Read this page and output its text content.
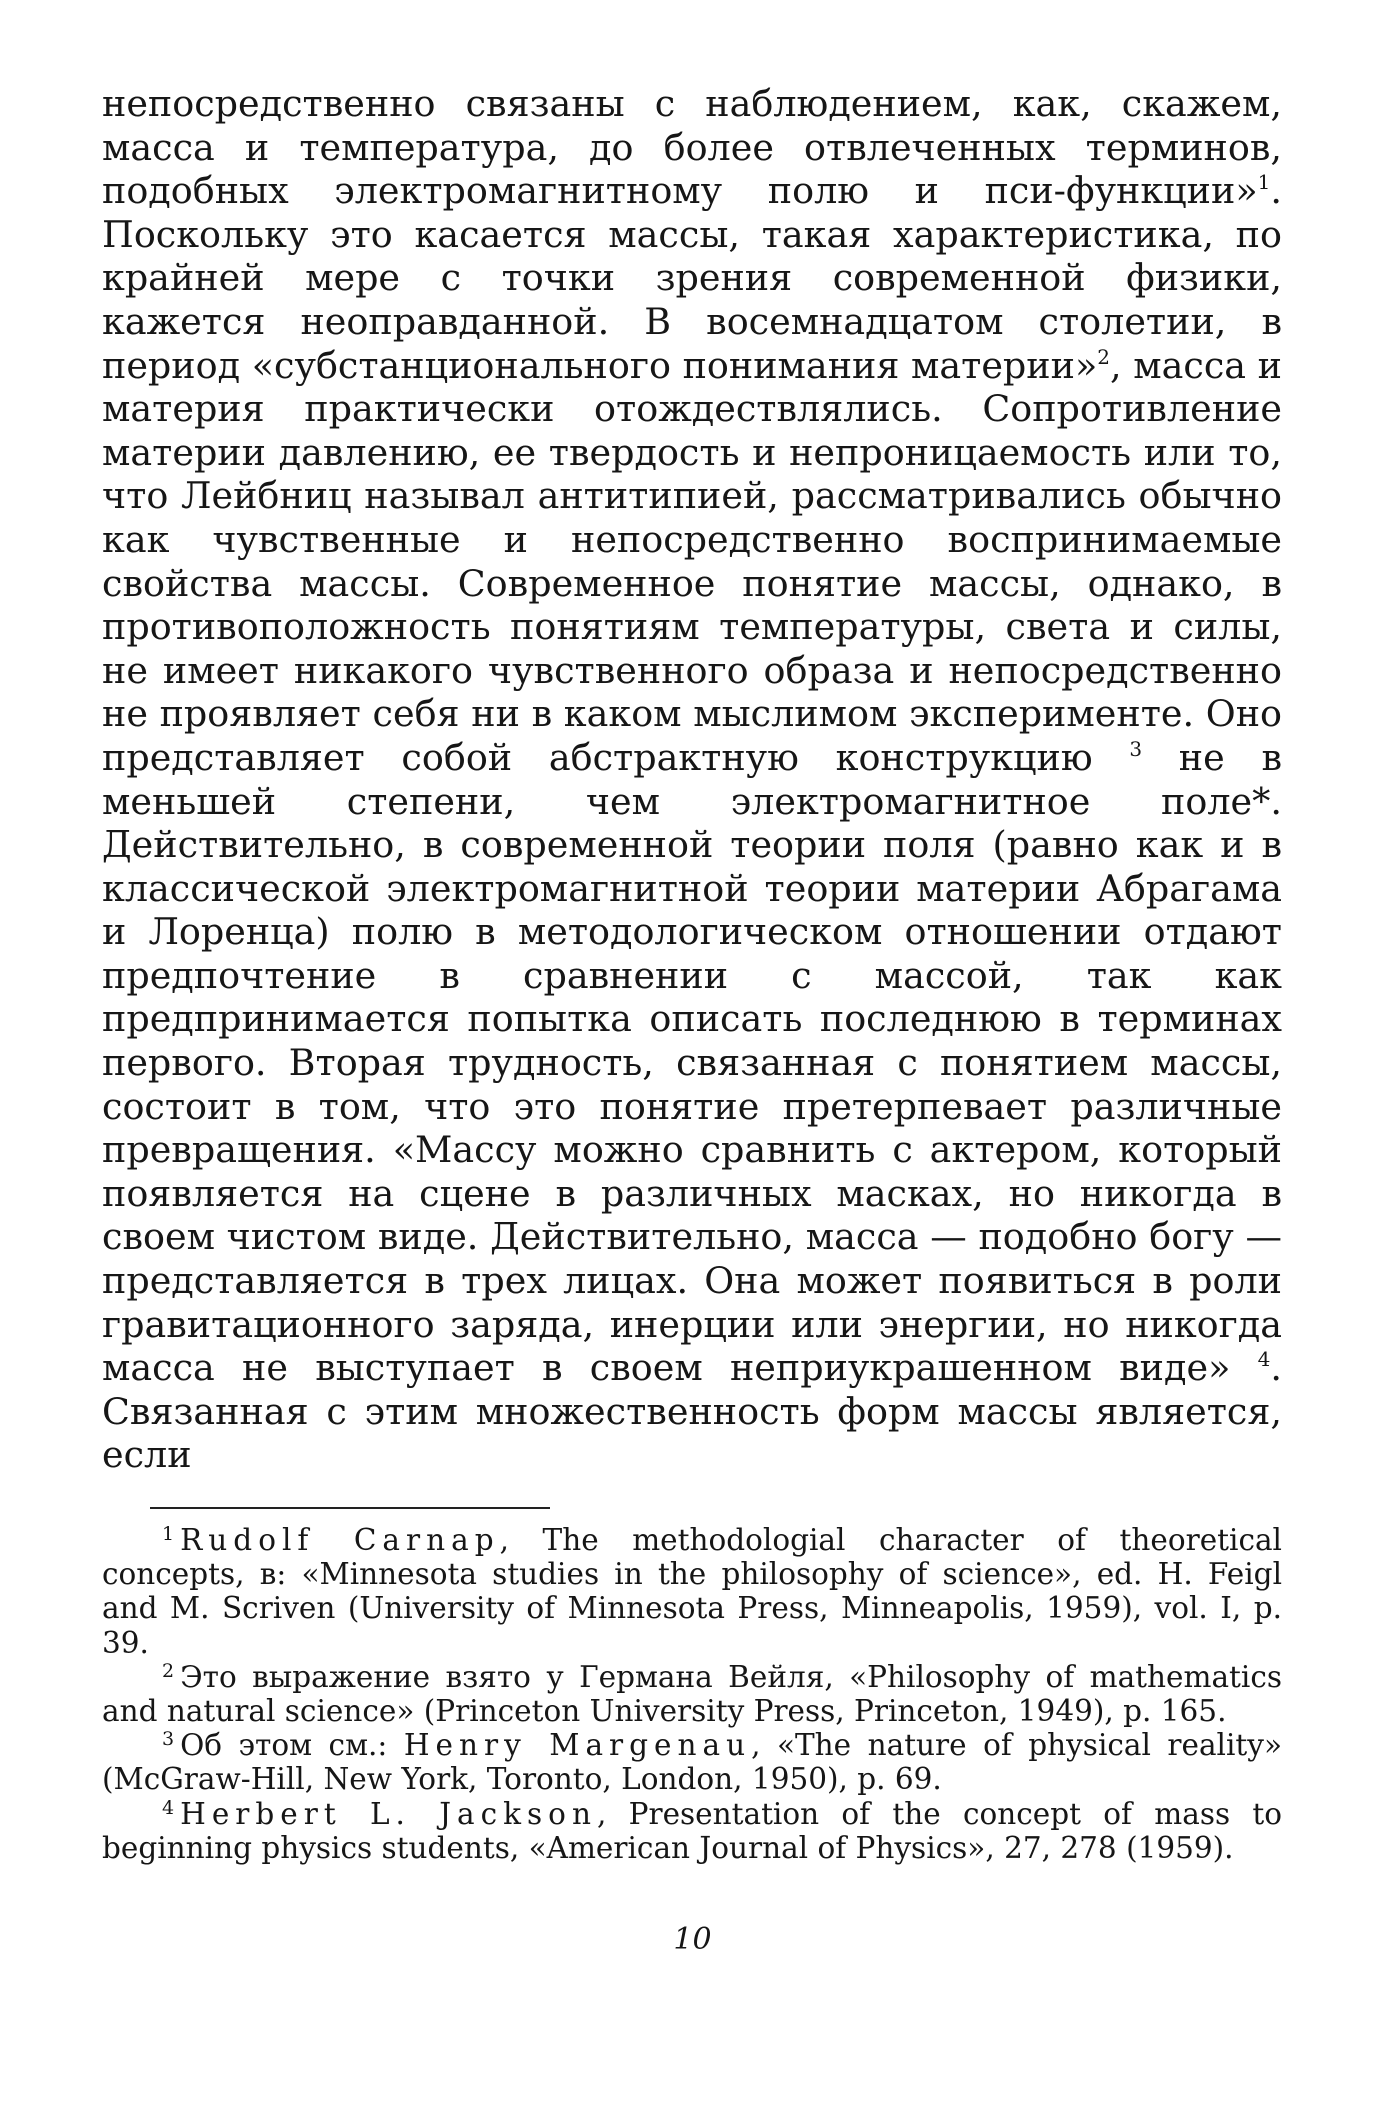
непосредственно связаны с наблюдением, как, скажем, масса и температура, до более отвлеченных терминов, подобных электромагнитному полю и пси-функции»$^1$. Поскольку это касается массы, такая характеристика, по крайней мере с точки зрения современной физики, кажется неоправданной. В восемнадцатом столетии, в период «субстанционального понимания материи»$^2$, масса и материя практически отождествлялись. Сопротивление материи давлению, ее твердость и непроницаемость или то, что Лейбниц называл антитипией, рассматривались обычно как чувственные и непосредственно воспринимаемые свойства массы. Современное понятие массы, однако, в противоположность понятиям температуры, света и силы, не имеет никакого чувственного образа и непосредственно не проявляет себя ни в каком мыслимом эксперименте. Оно представляет собой абстрактную конструкцию $^3$ не в меньшей степени, чем электромагнитное поле*. Действительно, в современной теории поля (равно как и в классической электромагнитной теории материи Абрагама и Лоренца) полю в методологическом отношении отдают предпочтение в сравнении с массой, так как предпринимается попытка описать последнюю в терминах первого. Вторая трудность, связанная с понятием массы, состоит в том, что это понятие претерпевает различные превращения. «Массу можно сравнить с актером, который появляется на сцене в различных масках, но никогда в своем чистом виде. Действительно, масса — подобно богу — представляется в трех лицах. Она может появиться в роли гравитационного заряда, инерции или энергии, но никогда масса не выступает в своем неприукрашенном виде» $^4$. Связанная с этим множественность форм массы является, если

$^1$ Rudolf Carnap, The methodologial character of theoretical concepts, в: «Minnesota studies in the philosophy of science», ed. H. Feigl and M. Scriven (University of Minnesota Press, Minneapolis, 1959), vol. I, p. 39.

$^2$ Это выражение взято у Германа Вейля, «Philosophy of mathematics and natural science» (Princeton University Press, Princeton, 1949), p. 165.

$^3$ Об этом см.: Henry Margenau, «The nature of physical reality» (McGraw-Hill, New York, Toronto, London, 1950), p. 69.

$^4$ Herbert L. Jackson, Presentation of the concept of mass to beginning physics students, «American Journal of Physics», 27, 278 (1959).

10
